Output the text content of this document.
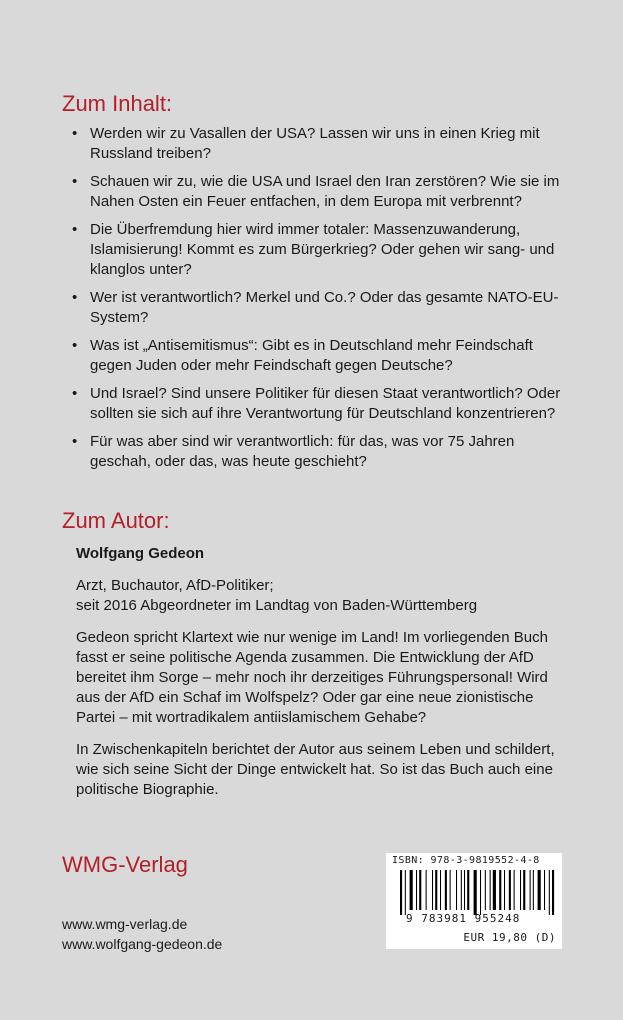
Zum Inhalt:
• Werden wir zu Vasallen der USA? Lassen wir uns in einen Krieg mit Russland treiben?
• Schauen wir zu, wie die USA und Israel den Iran zerstören? Wie sie im Nahen Osten ein Feuer entfachen, in dem Europa mit verbrennt?
• Die Überfremdung hier wird immer totaler: Massenzuwanderung, Islamisierung! Kommt es zum Bürgerkrieg? Oder gehen wir sang- und klanglos unter?
• Wer ist verantwortlich? Merkel und Co.? Oder das gesamte NATO-EU-System?
• Was ist „Antisemitismus“: Gibt es in Deutschland mehr Feindschaft gegen Juden oder mehr Feindschaft gegen Deutsche?
• Und Israel? Sind unsere Politiker für diesen Staat verantwortlich? Oder sollten sie sich auf ihre Verantwortung für Deutschland konzentrieren?
• Für was aber sind wir verantwortlich: für das, was vor 75 Jahren geschah, oder das, was heute geschieht?
Zum Autor:

Wolfgang Gedeon

Arzt, Buchautor, AfD-Politiker;
seit 2016 Abgeordneter im Landtag von Baden-Württemberg

Gedeon spricht Klartext wie nur wenige im Land! Im vorliegenden Buch fasst er seine politische Agenda zusammen. Die Entwicklung der AfD bereitet ihm Sorge – mehr noch ihr derzeitiges Führungspersonal! Wird aus der AfD ein Schaf im Wolfspelz? Oder gar eine neue zionistische Partei – mit wortradikalem antiislamischem Gehabe?

In Zwischenkapiteln berichtet der Autor aus seinem Leben und schildert, wie sich seine Sicht der Dinge entwickelt hat. So ist das Buch auch eine politische Biographie.

WMG-Verlag
www.wmg-verlag.de
www.wolfgang-gedeon.de
ISBN: 978-3-9819552-4-8
9 783981 955248
EUR 19,80 (D)
